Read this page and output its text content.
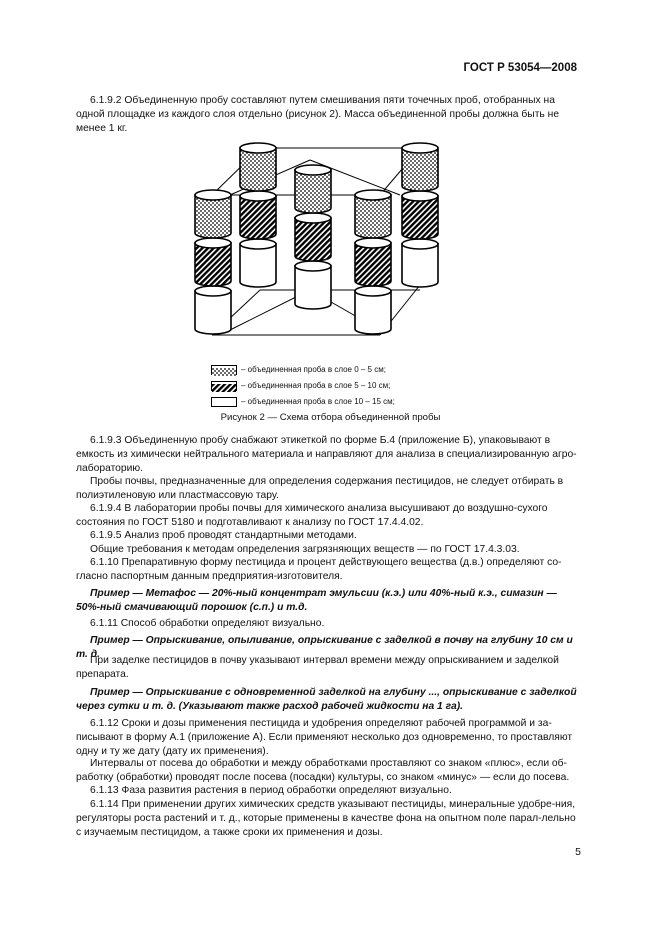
ГОСТ Р 53054—2008

6.1.9.2 Объединенную пробу составляют путем смешивания пяти точечных проб, отобранных на одной площадке из каждого слоя отдельно (рисунок 2). Масса объединенной пробы должна быть не менее 1 кг.

– объединенная проба в слое 0 – 5 см;
– объединенная проба в слое 5 – 10 см;
– объединенная проба в слое 10 – 15 см;
Рисунок 2 — Схема отбора объединенной пробы

6.1.9.3 Объединенную пробу снабжают этикеткой по форме Б.4 (приложение Б), упаковывают в емкость из химически нейтрального материала и направляют для анализа в специализированную агро-лабораторию.

Пробы почвы, предназначенные для определения содержания пестицидов, не следует отбирать в полиэтиленовую или пластмассовую тару.

6.1.9.4 В лаборатории пробы почвы для химического анализа высушивают до воздушно-сухого состояния по ГОСТ 5180 и подготавливают к анализу по ГОСТ 17.4.4.02.

6.1.9.5 Анализ проб проводят стандартными методами.

Общие требования к методам определения загрязняющих веществ — по ГОСТ 17.4.3.03.

6.1.10 Препаративную форму пестицида и процент действующего вещества (д.в.) определяют со-гласно паспортным данным предприятия-изготовителя.

Пример — Метафос — 20%-ный концентрат эмульсии (к.э.) или 40%-ный к.э., симазин — 50%-ный смачивающий порошок (с.п.) и т.д.

6.1.11 Способ обработки определяют визуально.

Пример — Опрыскивание, опыливание, опрыскивание с заделкой в почву на глубину 10 см и т. д.

При заделке пестицидов в почву указывают интервал времени между опрыскиванием и заделкой препарата.

Пример — Опрыскивание с одновременной заделкой на глубину ..., опрыскивание с заделкой через сутки и т. д. (Указывают также расход рабочей жидкости на 1 га).

6.1.12 Сроки и дозы применения пестицида и удобрения определяют рабочей программой и за-писывают в форму А.1 (приложение А). Если применяют несколько доз одновременно, то проставляют одну и ту же дату (дату их применения).

Интервалы от посева до обработки и между обработками проставляют со знаком «плюс», если об-работку (обработки) проводят после посева (посадки) культуры, со знаком «минус» — если до посева.

6.1.13 Фаза развития растения в период обработки определяют визуально.

6.1.14 При применении других химических средств указывают пестициды, минеральные удобре-ния, регуляторы роста растений и т. д., которые применены в качестве фона на опытном поле парал-лельно с изучаемым пестицидом, а также сроки их применения и дозы.

5
